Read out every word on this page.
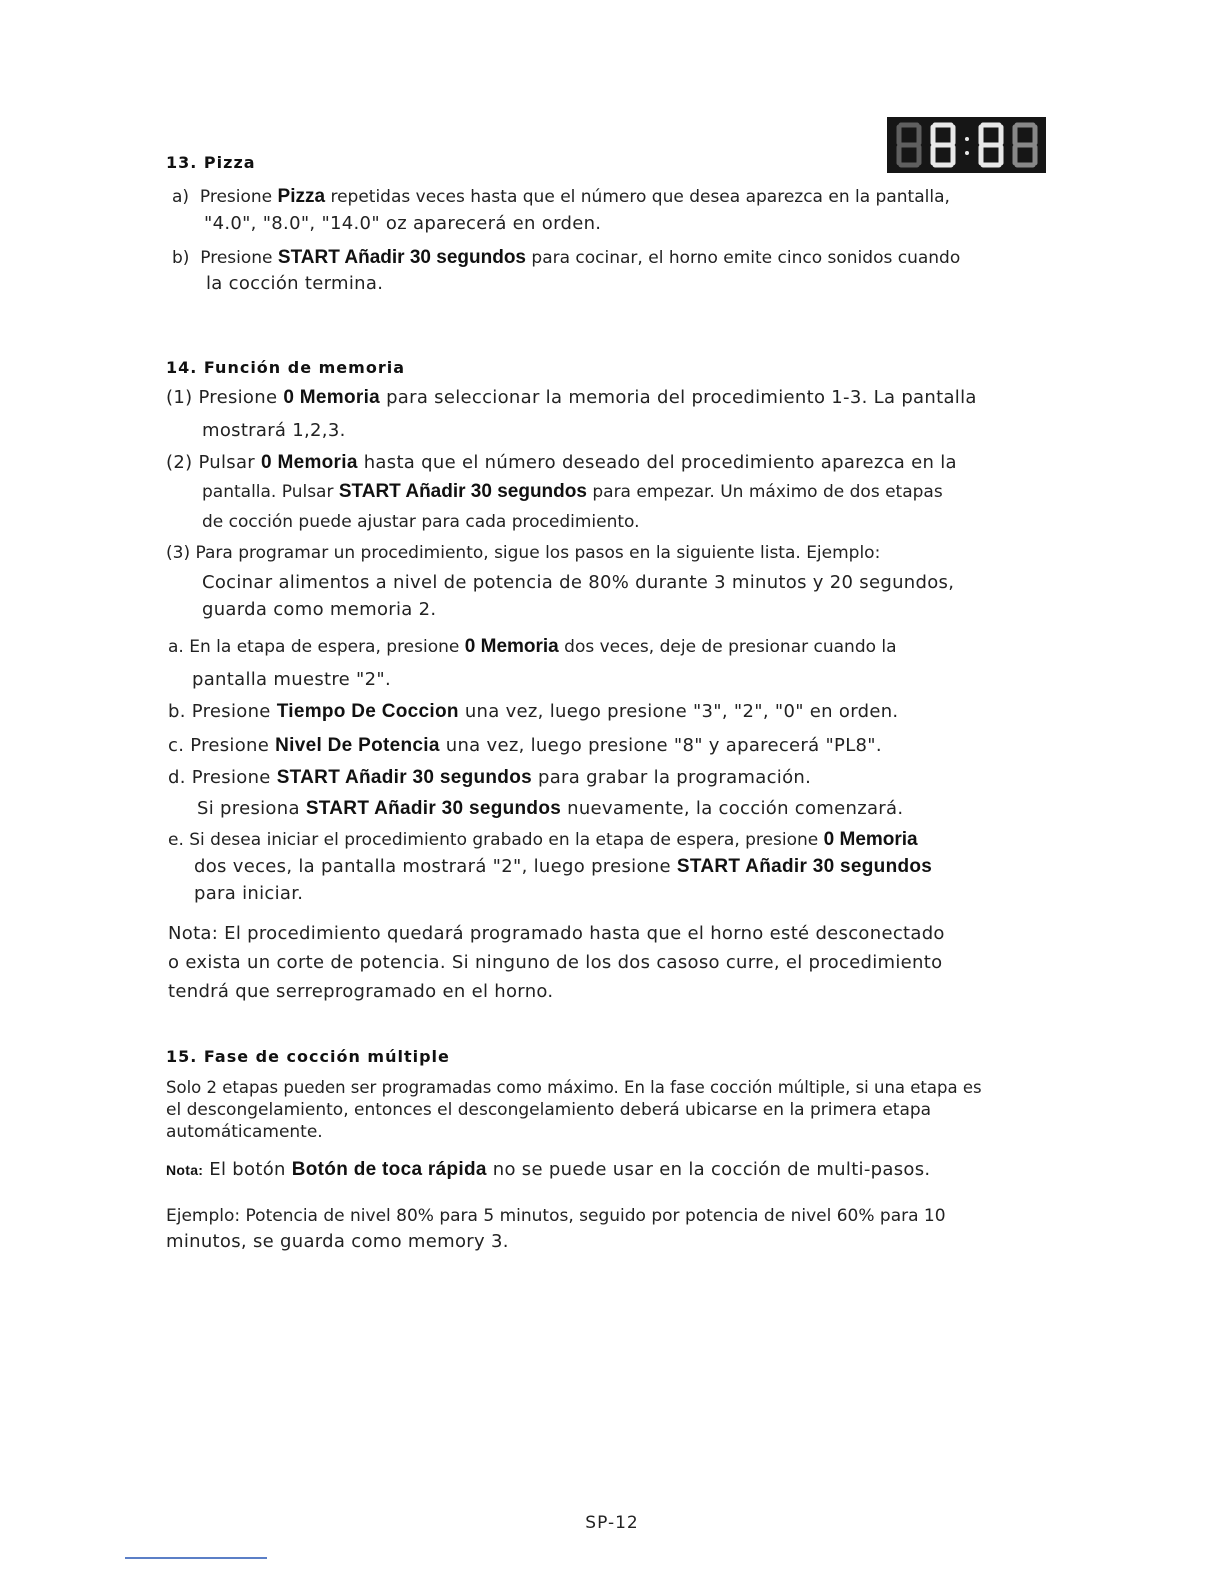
13. Pizza
a) Presione Pizza repetidas veces hasta que el número que desea aparezca en la pantalla,
"4.0", "8.0", "14.0" oz aparecerá en orden.
b) Presione START Añadir 30 segundos para cocinar, el horno emite cinco sonidos cuando
la cocción termina.
14. Función de memoria
(1) Presione 0 Memoria para seleccionar la memoria del procedimiento 1-3. La pantalla
mostrará 1,2,3.
(2) Pulsar 0 Memoria hasta que el número deseado del procedimiento aparezca en la
pantalla. Pulsar START Añadir 30 segundos para empezar. Un máximo de dos etapas
de cocción puede ajustar para cada procedimiento.
(3) Para programar un procedimiento, sigue los pasos en la siguiente lista. Ejemplo:
Cocinar alimentos a nivel de potencia de 80% durante 3 minutos y 20 segundos,
guarda como memoria 2.
a. En la etapa de espera, presione 0 Memoria dos veces, deje de presionar cuando la
pantalla muestre "2".
b. Presione Tiempo De Coccion una vez, luego presione "3", "2", "0" en orden.
c. Presione Nivel De Potencia una vez, luego presione "8" y aparecerá "PL8".
d. Presione START Añadir 30 segundos para grabar la programación.
Si presiona START Añadir 30 segundos nuevamente, la cocción comenzará.
e. Si desea iniciar el procedimiento grabado en la etapa de espera, presione 0 Memoria
dos veces, la pantalla mostrará "2", luego presione START Añadir 30 segundos
para iniciar.
Nota: El procedimiento quedará programado hasta que el horno esté desconectado
o exista un corte de potencia. Si ninguno de los dos casoso curre, el procedimiento
tendrá que serreprogramado en el horno.
15. Fase de cocción múltiple
Solo 2 etapas pueden ser programadas como máximo. En la fase cocción múltiple, si una etapa es
el descongelamiento, entonces el descongelamiento deberá ubicarse en la primera etapa
automáticamente.
Nota: El botón Botón de toca rápida no se puede usar en la cocción de multi-pasos.
Ejemplo: Potencia de nivel 80% para 5 minutos, seguido por potencia de nivel 60% para 10
minutos, se guarda como memory 3.
SP-12
